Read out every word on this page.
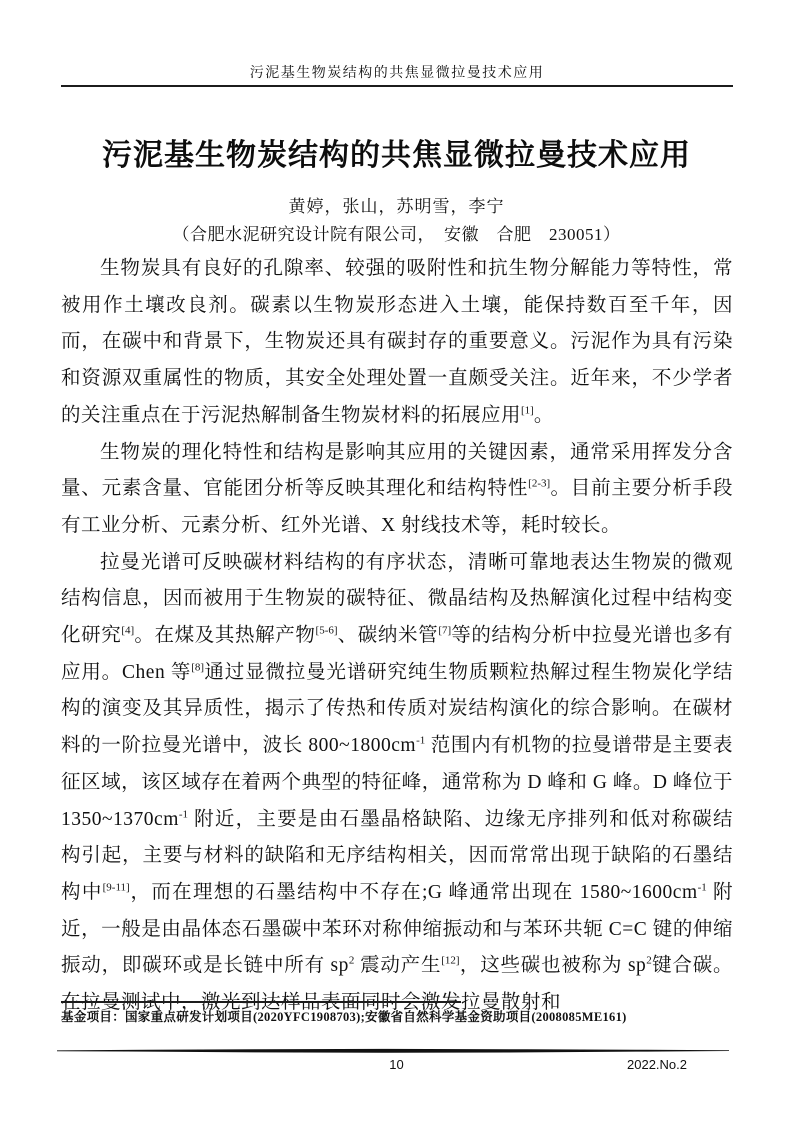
污泥基生物炭结构的共焦显微拉曼技术应用
污泥基生物炭结构的共焦显微拉曼技术应用
黄婷，张山，苏明雪，李宁
（合肥水泥研究设计院有限公司，　安徽　合肥　230051）

生物炭具有良好的孔隙率、较强的吸附性和抗生物分解能力等特性，常被用作土壤改良剂。碳素以生物炭形态进入土壤，能保持数百至千年，因而，在碳中和背景下，生物炭还具有碳封存的重要意义。污泥作为具有污染和资源双重属性的物质，其安全处理处置一直颇受关注。近年来，不少学者的关注重点在于污泥热解制备生物炭材料的拓展应用[1]。

生物炭的理化特性和结构是影响其应用的关键因素，通常采用挥发分含量、元素含量、官能团分析等反映其理化和结构特性[2-3]。目前主要分析手段有工业分析、元素分析、红外光谱、X 射线技术等，耗时较长。

拉曼光谱可反映碳材料结构的有序状态，清晰可靠地表达生物炭的微观结构信息，因而被用于生物炭的碳特征、微晶结构及热解演化过程中结构变化研究[4]。在煤及其热解产物[5-6]、碳纳米管[7]等的结构分析中拉曼光谱也多有应用。Chen 等[8]通过显微拉曼光谱研究纯生物质颗粒热解过程生物炭化学结构的演变及其异质性，揭示了传热和传质对炭结构演化的综合影响。在碳材料的一阶拉曼光谱中，波长 $800\sim 1800cm^{-1}$ 范围内有机物的拉曼谱带是主要表征区域，该区域存在着两个典型的特征峰，通常称为 D 峰和 G 峰。D 峰位于 $1350\sim 1370cm^{-1}$ 附近，主要是由石墨晶格缺陷、边缘无序排列和低对称碳结构引起，主要与材料的缺陷和无序结构相关，因而常常出现于缺陷的石墨结构中[9-11]，而在理想的石墨结构中不存在;G 峰通常出现在 $1580\sim 1600cm^{-1}$ 附近，一般是由晶体态石墨碳中苯环对称伸缩振动和与苯环共轭 C=C 键的伸缩振动，即碳环或是长链中所有 $sp^2$ 震动产生[12]，这些碳也被称为 $sp^2$键合碳。在拉曼测试中，激光到达样品表面同时会激发拉曼散射和

基金项目：国家重点研发计划项目(2020YFC1908703);安徽省自然科学基金资助项目(2008085ME161)
10	2022.No.2
